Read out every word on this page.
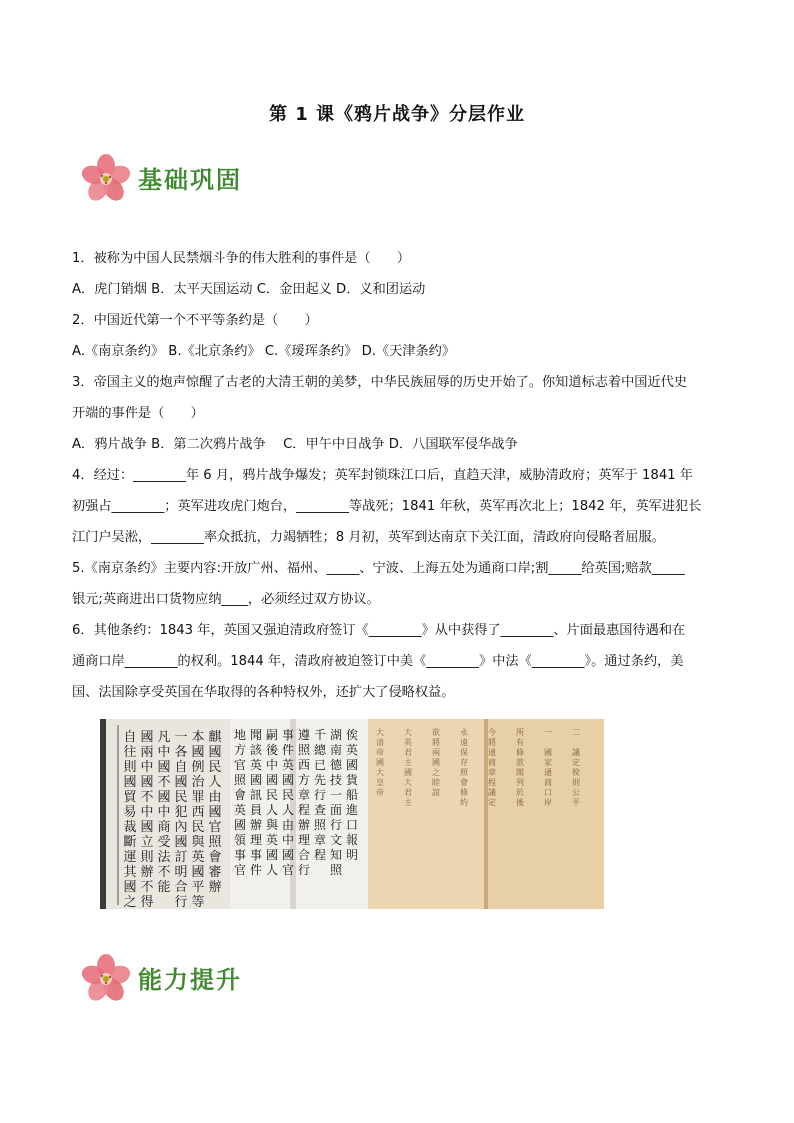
第 1 课《鸦片战争》分层作业
基础巩固

1．被称为中国人民禁烟斗争的伟大胜利的事件是（　　）

A．虎门销烟 B．太平天国运动 C．金田起义 D．义和团运动

2．中国近代第一个不平等条约是（　　）

A.《南京条约》 B.《北京条约》 C.《瑷珲条约》 D.《天津条约》

3．帝国主义的炮声惊醒了古老的大清王朝的美梦，中华民族屈辱的历史开始了。你知道标志着中国近代史

开端的事件是（　　）

A．鸦片战争 B．第二次鸦片战争　 C．甲午中日战争 D．八国联军侵华战争

4．经过：________年 6 月，鸦片战争爆发；英军封锁珠江口后，直趋天津，威胁清政府；英军于 1841 年

初强占________；英军进攻虎门炮台，________等战死；1841 年秋，英军再次北上；1842 年，英军进犯长

江门户吴淞，________率众抵抗，力竭牺牲；8 月初，英军到达南京下关江面，清政府向侵略者屈服。

5.《南京条约》主要内容:开放广州、福州、_____、宁波、上海五处为通商口岸;割_____给英国;赔款_____

银元;英商进出口货物应纳____，必须经过双方协议。

6．其他条约：1843 年，英国又强迫清政府签订《________》从中获得了________、片面最惠国待遇和在

通商口岸________的权利。1844 年，清政府被迫签订中美《________》中法《________》。通过条约，美

国、法国除享受英国在华取得的各种特权外，还扩大了侵略权益。

自
往
則
國
貿
易
裁
斷
運
其
國
之
國
兩
中
國
不
中
國
立
則
辦
不
得
凡
中
國
不
國
中
商
受
法
不
能
一
各
自
國
民
犯
內
國
訂
明
合
行
本
國
例
治
罪
西
民
與
英
國
平
等
麒
國
民
人
由
國
官
照
會
審
辦
地
方
官
照
會
英
國
領
事
官
聞
該
英
國
訊
員
辦
理
事
件
嗣
後
中
國
民
人
與
英
國
人
事
件
英
國
民
人
由
中
國
官
遵
照
西
方
章
程
辦
理
合
行
千
總
已
先
行
查
照
章
程
湖
南
德
技
一
面
行
文
知
照
俟
英
國
貨
船
進
口
報
明
大
清
帝
國
大
皇
帝
大
英
君
主
國
大
君
主
欲
將
兩
國
之
睦
誼
永
遠
保
存
照
會
條
約
今
將
通
商
章
程
議
定
所
有
條
款
開
列
於
後
一
國
家
通
商
口
岸
二
議
定
稅
則
公
平
能力提升
